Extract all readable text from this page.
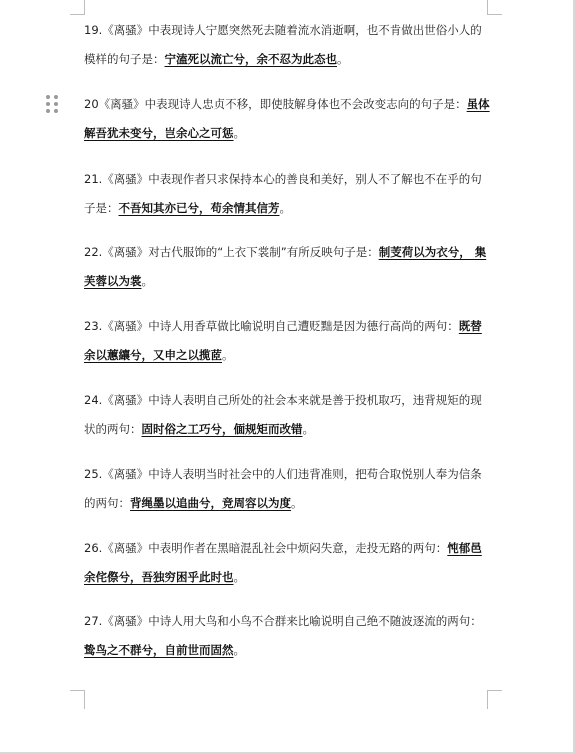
19.《离骚》中表现诗人宁愿突然死去随着流水消逝啊，也不肯做出世俗小人的模样的句子是：宁溘死以流亡兮，余不忍为此态也。
20《离骚》中表现诗人忠贞不移，即使肢解身体也不会改变志向的句子是：虽体解吾犹未变兮，岂余心之可惩。
21.《离骚》中表现作者只求保持本心的善良和美好，别人不了解也不在乎的句子是：不吾知其亦已兮，苟余情其信芳。
22.《离骚》对古代服饰的“上衣下裳制”有所反映句子是：制芰荷以为衣兮， 集芙蓉以为裳。
23.《离骚》中诗人用香草做比喻说明自己遭贬黜是因为德行高尚的两句：既替余以蕙纕兮，又申之以揽茝。
24.《离骚》中诗人表明自己所处的社会本来就是善于投机取巧，违背规矩的现状的两句：固时俗之工巧兮，偭规矩而改错。
25.《离骚》中诗人表明当时社会中的人们违背准则，把苟合取悦别人奉为信条的两句：背绳墨以追曲兮，竞周容以为度。
26.《离骚》中表明作者在黑暗混乱社会中烦闷失意，走投无路的两句：忳郁邑余侘傺兮，吾独穷困乎此时也。
27.《离骚》中诗人用大鸟和小鸟不合群来比喻说明自己绝不随波逐流的两句：鸷鸟之不群兮，自前世而固然。
